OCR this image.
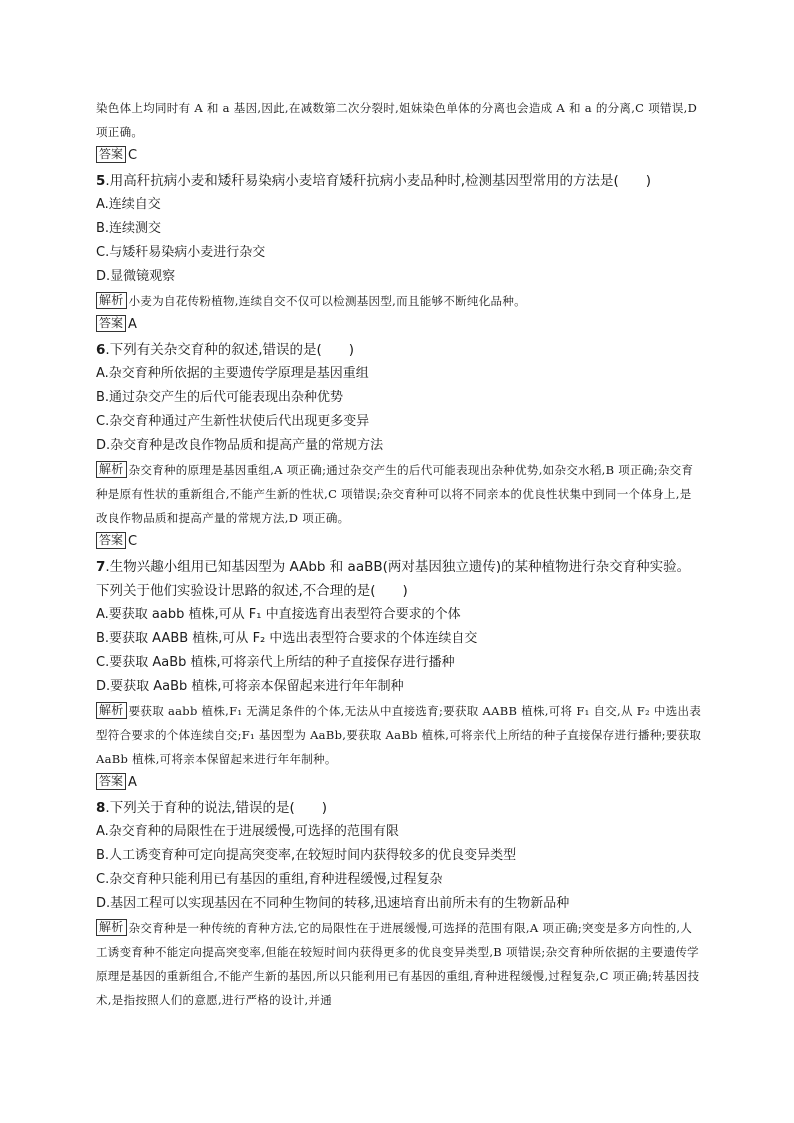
染色体上均同时有 A 和 a 基因,因此,在减数第二次分裂时,姐妹染色单体的分离也会造成 A 和 a 的分离,C 项错误,D 项正确。

答案 C

5.用高秆抗病小麦和矮秆易染病小麦培育矮秆抗病小麦品种时,检测基因型常用的方法是(　　)

A.连续自交

B.连续测交

C.与矮秆易染病小麦进行杂交

D.显微镜观察

解析 小麦为自花传粉植物,连续自交不仅可以检测基因型,而且能够不断纯化品种。

答案 A

6.下列有关杂交育种的叙述,错误的是(　　)

A.杂交育种所依据的主要遗传学原理是基因重组

B.通过杂交产生的后代可能表现出杂种优势

C.杂交育种通过产生新性状使后代出现更多变异

D.杂交育种是改良作物品质和提高产量的常规方法

解析 杂交育种的原理是基因重组,A 项正确;通过杂交产生的后代可能表现出杂种优势,如杂交水稻,B 项正确;杂交育种是原有性状的重新组合,不能产生新的性状,C 项错误;杂交育种可以将不同亲本的优良性状集中到同一个体身上,是改良作物品质和提高产量的常规方法,D 项正确。

答案 C

7.生物兴趣小组用已知基因型为 AAbb 和 aaBB(两对基因独立遗传)的某种植物进行杂交育种实验。下列关于他们实验设计思路的叙述,不合理的是(　　)

A.要获取 aabb 植株,可从 F₁ 中直接选育出表型符合要求的个体

B.要获取 AABB 植株,可从 F₂ 中选出表型符合要求的个体连续自交

C.要获取 AaBb 植株,可将亲代上所结的种子直接保存进行播种

D.要获取 AaBb 植株,可将亲本保留起来进行年年制种

解析 要获取 aabb 植株,F₁ 无满足条件的个体,无法从中直接选育;要获取 AABB 植株,可将 F₁ 自交,从 F₂ 中选出表型符合要求的个体连续自交;F₁ 基因型为 AaBb,要获取 AaBb 植株,可将亲代上所结的种子直接保存进行播种;要获取 AaBb 植株,可将亲本保留起来进行年年制种。

答案 A

8.下列关于育种的说法,错误的是(　　)

A.杂交育种的局限性在于进展缓慢,可选择的范围有限

B.人工诱变育种可定向提高突变率,在较短时间内获得较多的优良变异类型

C.杂交育种只能利用已有基因的重组,育种进程缓慢,过程复杂

D.基因工程可以实现基因在不同种生物间的转移,迅速培育出前所未有的生物新品种

解析 杂交育种是一种传统的育种方法,它的局限性在于进展缓慢,可选择的范围有限,A 项正确;突变是多方向性的,人工诱变育种不能定向提高突变率,但能在较短时间内获得更多的优良变异类型,B 项错误;杂交育种所依据的主要遗传学原理是基因的重新组合,不能产生新的基因,所以只能利用已有基因的重组,育种进程缓慢,过程复杂,C 项正确;转基因技术,是指按照人们的意愿,进行严格的设计,并通
